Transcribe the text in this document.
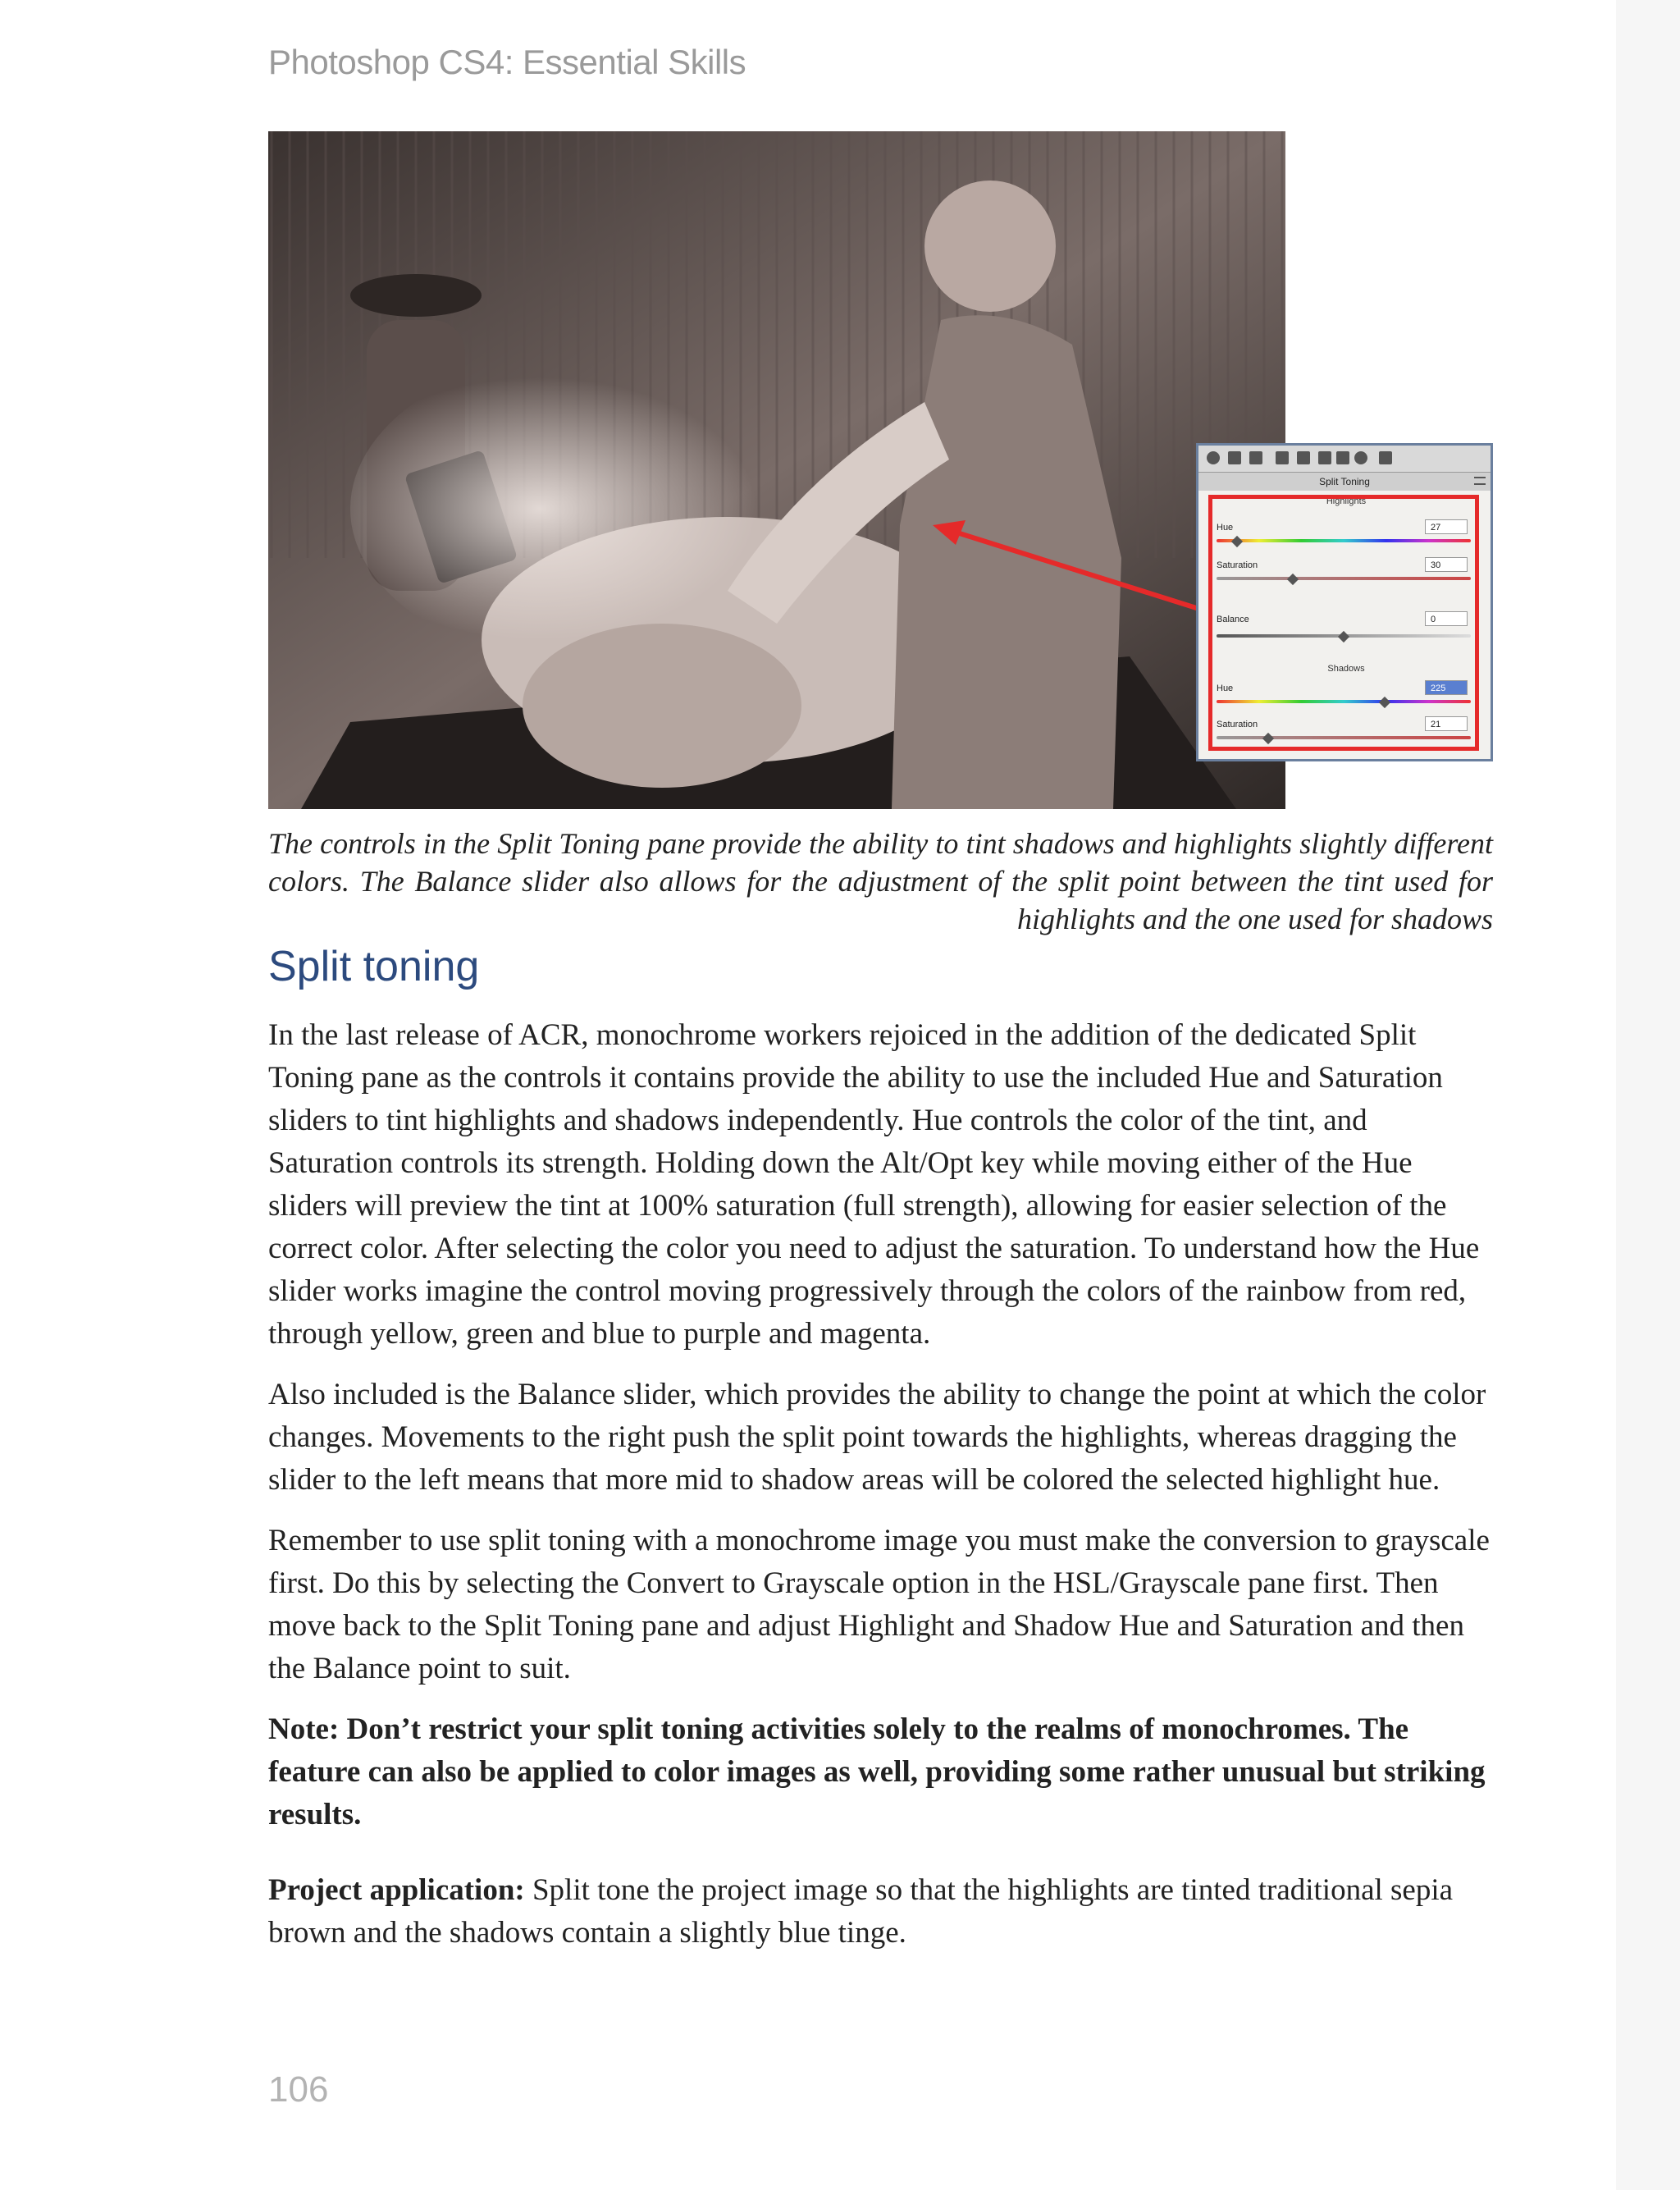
Photoshop CS4: Essential Skills
Split Toning
Highlights
Hue	27
Saturation	30
Balance	0
Shadows
Hue	225
Saturation	21
The controls in the Split Toning pane provide the ability to tint shadows and highlights slightly different colors. The Balance slider also allows for the adjustment of the split point between the tint used for highlights and the one used for shadows
Split toning

In the last release of ACR, monochrome workers rejoiced in the addition of the dedicated Split Toning pane as the controls it contains provide the ability to use the included Hue and Saturation sliders to tint highlights and shadows independently. Hue controls the color of the tint, and Saturation controls its strength. Holding down the Alt/Opt key while moving either of the Hue sliders will preview the tint at 100% saturation (full strength), allowing for easier selection of the correct color. After selecting the color you need to adjust the saturation. To understand how the Hue slider works imagine the control moving progressively through the colors of the rainbow from red, through yellow, green and blue to purple and magenta.

Also included is the Balance slider, which provides the ability to change the point at which the color changes. Movements to the right push the split point towards the highlights, whereas dragging the slider to the left means that more mid to shadow areas will be colored the selected highlight hue.

Remember to use split toning with a monochrome image you must make the conversion to grayscale first. Do this by selecting the Convert to Grayscale option in the HSL/Grayscale pane first. Then move back to the Split Toning pane and adjust Highlight and Shadow Hue and Saturation and then the Balance point to suit.

Note: Don’t restrict your split toning activities solely to the realms of monochromes. The feature can also be applied to color images as well, providing some rather unusual but striking results.

Project application: Split tone the project image so that the highlights are tinted traditional sepia brown and the shadows contain a slightly blue tinge.

106
